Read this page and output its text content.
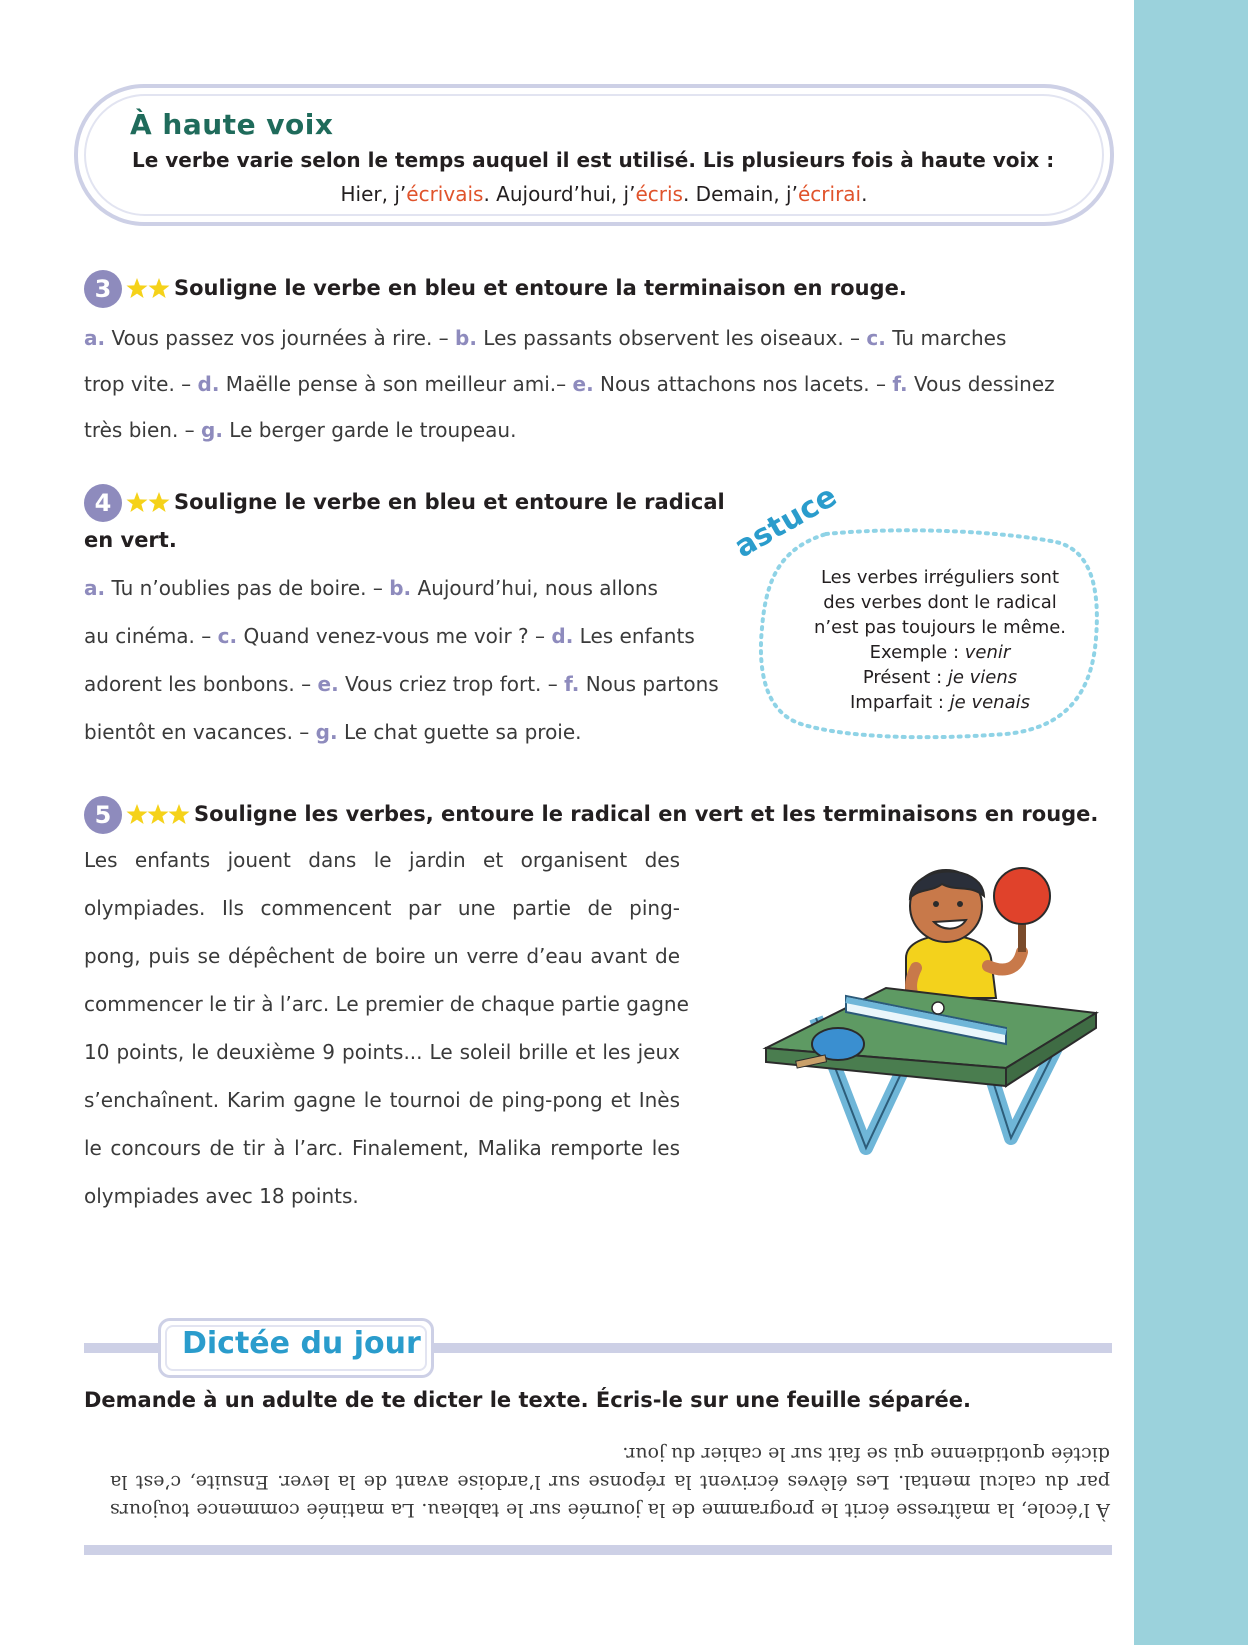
À haute voix

Le verbe varie selon le temps auquel il est utilisé. Lis plusieurs fois à haute voix :

Hier, j’écrivais. Aujourd’hui, j’écris. Demain, j’écrirai.

3	Souligne le verbe en bleu et entoure la terminaison en rouge.

a. Vous passez vos journées à rire. – b. Les passants observent les oiseaux. – c. Tu marches

trop vite. – d. Maëlle pense à son meilleur ami.– e. Nous attachons nos lacets. – f. Vous dessinez

très bien. – g. Le berger garde le troupeau.

4	Souligne le verbe en bleu et entoure le radical

en vert.

a. Tu n’oublies pas de boire. – b. Aujourd’hui, nous allons

au cinéma. – c. Quand venez-vous me voir ? – d. Les enfants

adorent les bonbons. – e. Vous criez trop fort. – f. Nous partons

bientôt en vacances. – g. Le chat guette sa proie.

astuce

Les verbes irréguliers sont
des verbes dont le radical
n’est pas toujours le même.
Exemple : venir
Présent : je viens
Imparfait : je venais

5	Souligne les verbes, entoure le radical en vert et les terminaisons en rouge.

Les enfants jouent dans le jardin et organisent des

olympiades. Ils commencent par une partie de ping-

pong, puis se dépêchent de boire un verre d’eau avant de

commencer le tir à l’arc. Le premier de chaque partie gagne

10 points, le deuxième 9 points... Le soleil brille et les jeux

s’enchaînent. Karim gagne le tournoi de ping-pong et Inès

le concours de tir à l’arc. Finalement, Malika remporte les

olympiades avec 18 points.

Dictée du jour

Demande à un adulte de te dicter le texte. Écris-le sur une feuille séparée.

À l’école, la maîtresse écrit le programme de la journée sur le tableau. La matinée commence toujours par du calcul mental. Les élèves écrivent la réponse sur l’ardoise avant de la lever. Ensuite, c’est la dictée quotidienne qui se fait sur le cahier du jour.
